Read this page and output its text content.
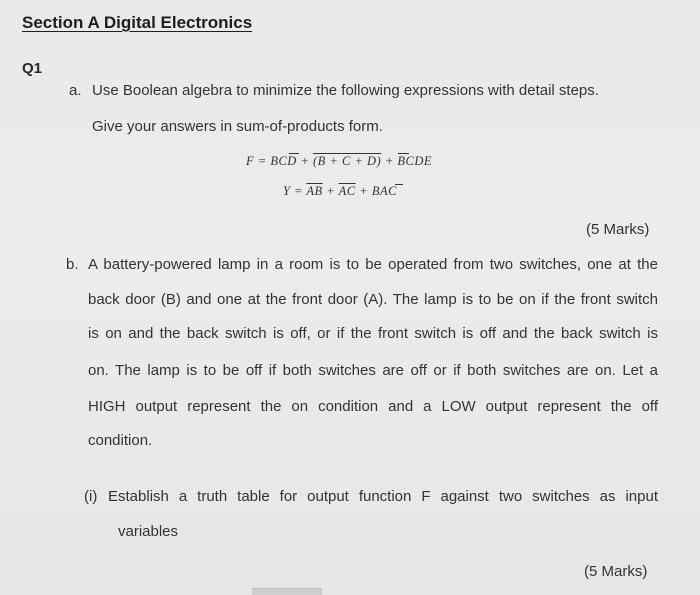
Section A Digital Electronics
Q1
a. Use Boolean algebra to minimize the following expressions with detail steps.
Give your answers in sum-of-products form.
F = BCD + (B + C + D) + BCDE
$Y = \overline{AB} + \overline{AC}$ + BAC
(5 Marks)
b. A battery-powered lamp in a room is to be operated from two switches, one at the
back door (B) and one at the front door (A). The lamp is to be on if the front switch
is on and the back switch is off, or if the front switch is off and the back switch is
on. The lamp is to be off if both switches are off or if both switches are on. Let a
HIGH output represent the on condition and a LOW output represent the off
condition.
(i) Establish a truth table for output function F against two switches as input
variables
(5 Marks)
